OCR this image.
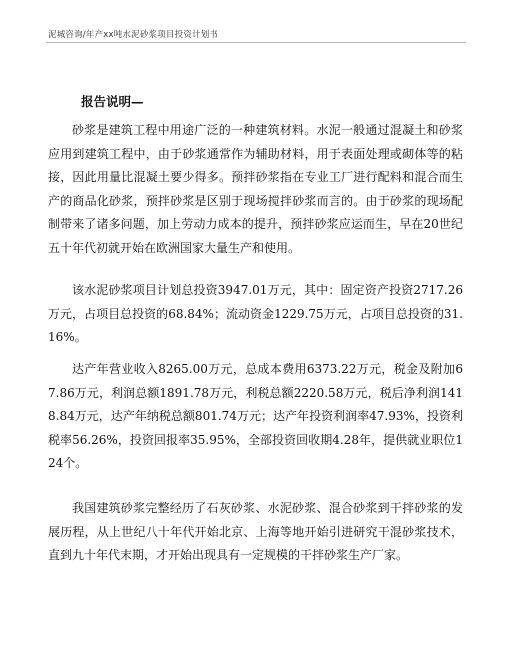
泥城咨询/年产xx吨水泥砂浆项目投资计划书
报告说明—

砂浆是建筑工程中用途广泛的一种建筑材料。水泥一般通过混凝土和砂浆应用到建筑工程中，由于砂浆通常作为辅助材料，用于表面处理或砌体等的粘接，因此用量比混凝土要少得多。预拌砂浆指在专业工厂进行配料和混合而生产的商品化砂浆，预拌砂浆是区别于现场搅拌砂浆而言的。由于砂浆的现场配制带来了诸多问题，加上劳动力成本的提升，预拌砂浆应运而生，早在20世纪五十年代初就开始在欧洲国家大量生产和使用。

该水泥砂浆项目计划总投资3947.01万元，其中：固定资产投资2717.26万元，占项目总投资的68.84%；流动资金1229.75万元，占项目总投资的31.16%。

达产年营业收入8265.00万元，总成本费用6373.22万元，税金及附加67.86万元，利润总额1891.78万元，利税总额2220.58万元，税后净利润1418.84万元，达产年纳税总额801.74万元；达产年投资利润率47.93%，投资利税率56.26%，投资回报率35.95%，全部投资回收期4.28年，提供就业职位124个。

我国建筑砂浆完整经历了石灰砂浆、水泥砂浆、混合砂浆到干拌砂浆的发展历程，从上世纪八十年代开始北京、上海等地开始引进研究干混砂浆技术，直到九十年代末期，才开始出现具有一定规模的干拌砂浆生产厂家。
